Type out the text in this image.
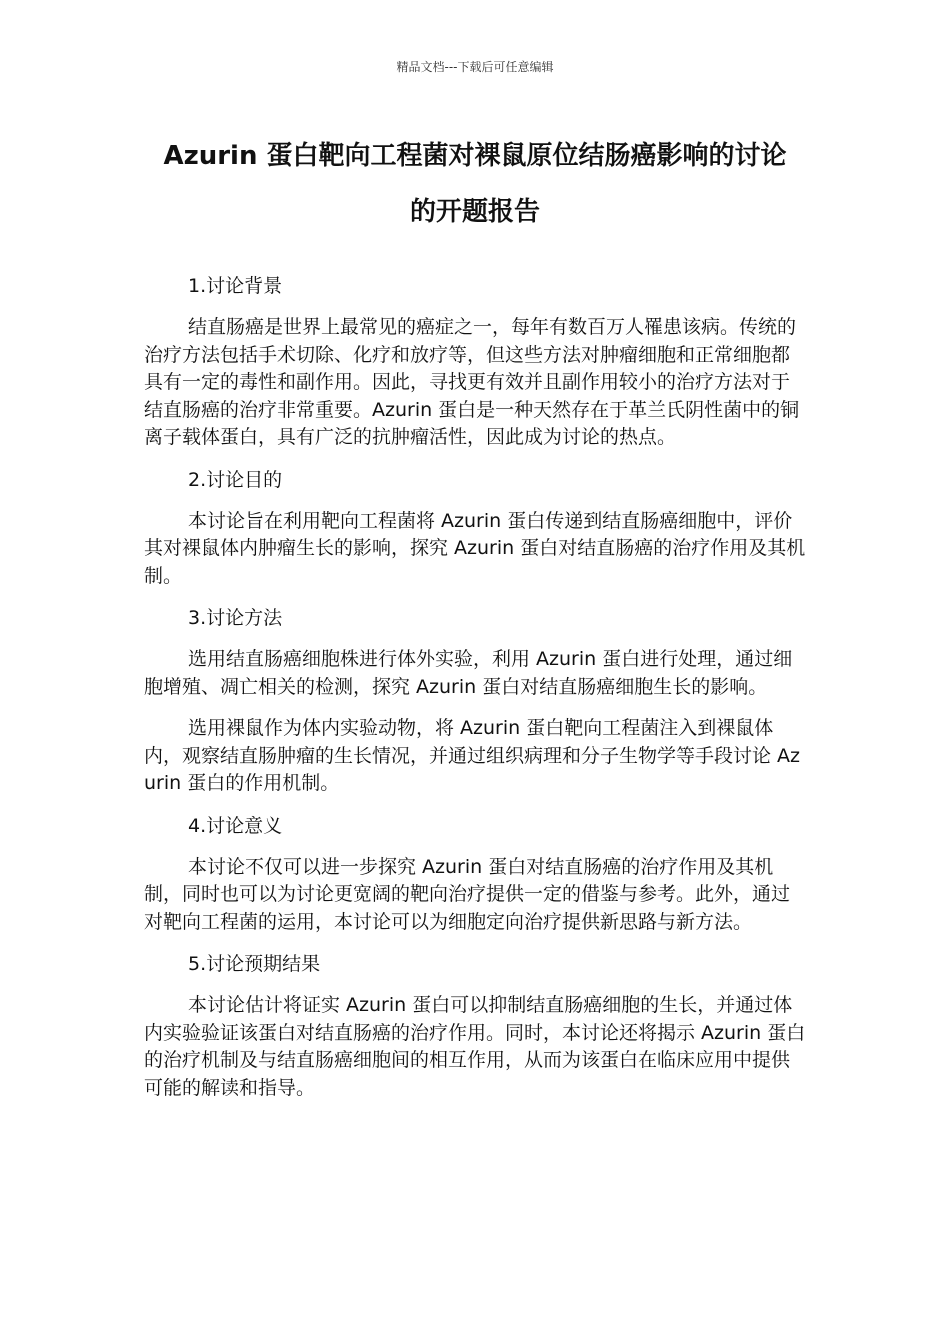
精品文档---下载后可任意编辑
Azurin 蛋白靶向工程菌对裸鼠原位结肠癌影响的讨论
的开题报告

1.讨论背景

结直肠癌是世界上最常见的癌症之一，每年有数百万人罹患该病。传统的治疗方法包括手术切除、化疗和放疗等，但这些方法对肿瘤细胞和正常细胞都具有一定的毒性和副作用。因此，寻找更有效并且副作用较小的治疗方法对于结直肠癌的治疗非常重要。Azurin 蛋白是一种天然存在于革兰氏阴性菌中的铜离子载体蛋白，具有广泛的抗肿瘤活性，因此成为讨论的热点。

2.讨论目的

本讨论旨在利用靶向工程菌将 Azurin 蛋白传递到结直肠癌细胞中，评价其对裸鼠体内肿瘤生长的影响，探究 Azurin 蛋白对结直肠癌的治疗作用及其机制。

3.讨论方法

选用结直肠癌细胞株进行体外实验，利用 Azurin 蛋白进行处理，通过细胞增殖、凋亡相关的检测，探究 Azurin 蛋白对结直肠癌细胞生长的影响。

选用裸鼠作为体内实验动物，将 Azurin 蛋白靶向工程菌注入到裸鼠体内，观察结直肠肿瘤的生长情况，并通过组织病理和分子生物学等手段讨论 Azurin 蛋白的作用机制。

4.讨论意义

本讨论不仅可以进一步探究 Azurin 蛋白对结直肠癌的治疗作用及其机制，同时也可以为讨论更宽阔的靶向治疗提供一定的借鉴与参考。此外，通过对靶向工程菌的运用，本讨论可以为细胞定向治疗提供新思路与新方法。

5.讨论预期结果

本讨论估计将证实 Azurin 蛋白可以抑制结直肠癌细胞的生长，并通过体内实验验证该蛋白对结直肠癌的治疗作用。同时，本讨论还将揭示 Azurin 蛋白的治疗机制及与结直肠癌细胞间的相互作用，从而为该蛋白在临床应用中提供可能的解读和指导。
